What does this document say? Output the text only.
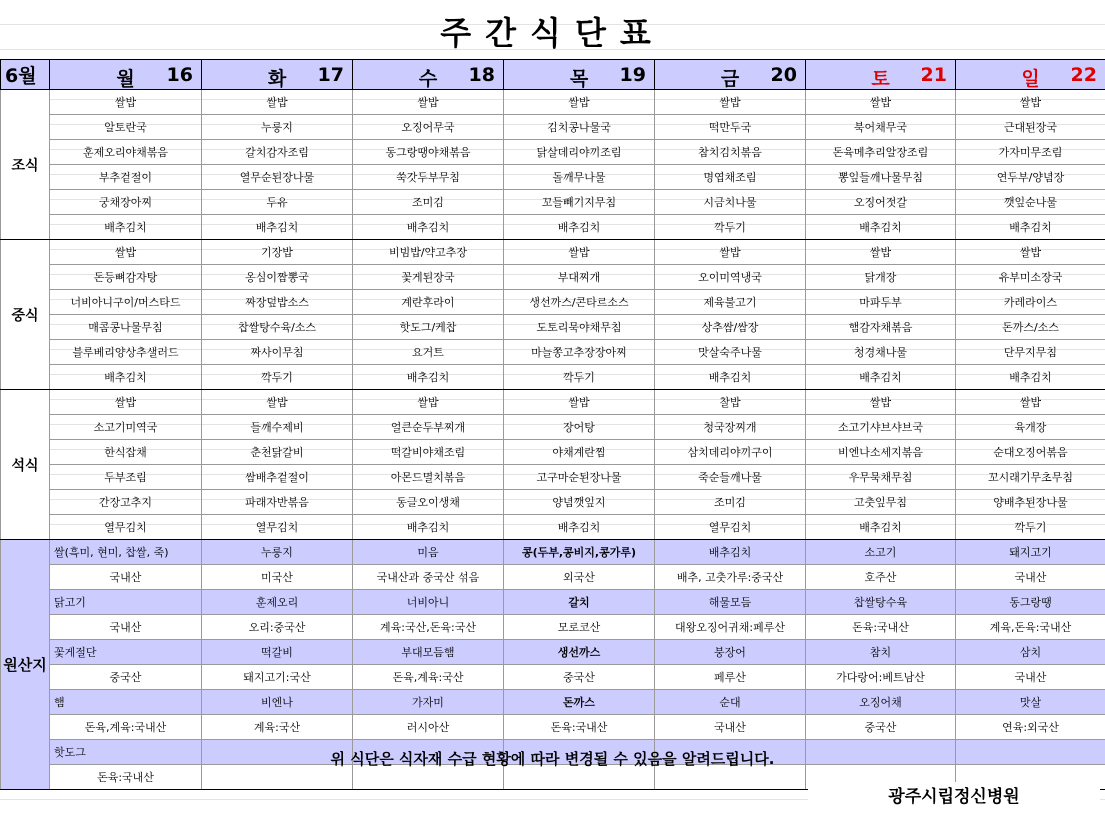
주간식단표
6월	월 16	화 17	수 18	목 19	금 20	토 21	일 22

조식	쌀밥	쌀밥	쌀밥	쌀밥	쌀밥	쌀밥	쌀밥
	알토란국	누룽지	오징어무국	김치콩나물국	떡만두국	북어채무국	근대된장국
	훈제오리야채볶음	갈치감자조림	동그랑땡야채볶음	닭살데리야끼조림	참치김치볶음	돈육메추리알장조림	가자미무조림
	부추겉절이	열무순된장나물	쑥갓두부무침	돌깨무나물	명엽채조림	뽕잎들깨나물무침	연두부/양념장
	궁채장아찌	두유	조미김	꼬들빼기지무침	시금치나물	오징어젓갈	깻잎순나물
	배추김치	배추김치	배추김치	배추김치	깍두기	배추김치	배추김치
중식	쌀밥	기장밥	비빔밥/약고추장	쌀밥	쌀밥	쌀밥	쌀밥
	돈등뼈감자탕	옹심이짬뽕국	꽃게된장국	부대찌개	오이미역냉국	닭개장	유부미소장국
	너비아니구이/머스타드	짜장덮밥소스	계란후라이	생선까스/콘타르소스	제육불고기	마파두부	카레라이스
	매콤콩나물무침	찹쌀탕수육/소스	핫도그/케찹	도토리묵야채무침	상추쌈/쌈장	햄감자채볶음	돈까스/소스
	블루베리양상추샐러드	짜사이무침	요거트	마늘쫑고추장장아찌	맛살숙주나물	청경채나물	단무지무침
	배추김치	깍두기	배추김치	깍두기	배추김치	배추김치	배추김치
석식	쌀밥	쌀밥	쌀밥	쌀밥	찰밥	쌀밥	쌀밥
	소고기미역국	들깨수제비	얼큰순두부찌개	장어탕	청국장찌개	소고기샤브샤브국	육개장
	한식잡채	춘천닭갈비	떡갈비야채조림	야채계란찜	삼치데리야끼구이	비엔나소세지볶음	순대오징어볶음
	두부조림	쌈배추겉절이	아몬드멸치볶음	고구마순된장나물	죽순들깨나물	우무묵채무침	꼬시래기무초무침
	간장고추지	파래자반볶음	동글오이생채	양념깻잎지	조미김	고춧잎무침	양배추된장나물
	열무김치	열무김치	배추김치	배추김치	열무김치	배추김치	깍두기
원산지	쌀(흑미, 현미, 찹쌀, 죽)	누룽지	미음	콩(두부,콩비지,콩가루)	배추김치	소고기	돼지고기
	국내산	미국산	국내산과 중국산 섞음	외국산	배추, 고춧가루:중국산	호주산	국내산
	닭고기	훈제오리	너비아니	갈치	해물모듬	찹쌀탕수육	동그랑땡
	국내산	오리:중국산	계육:국산,돈육:국산	모로코산	대왕오징어귀채:페루산	돈육:국내산	계육,돈육:국내산
	꽃게절단	떡갈비	부대모듬햄	생선까스	붕장어	참치	삼치
	중국산	돼지고기:국산	돈육,계육:국산	중국산	페루산	가다랑어:베트남산	국내산
	햄	비엔나	가자미	돈까스	순대	오징어채	맛살
	돈육,계육:국내산	계육:국산	러시아산	돈육:국내산	국내산	중국산	연육:외국산
	핫도그						
	돈육:국내산						
위 식단은 식자재 수급 현황에 따라 변경될 수 있음을 알려드립니다.
광주시립정신병원
